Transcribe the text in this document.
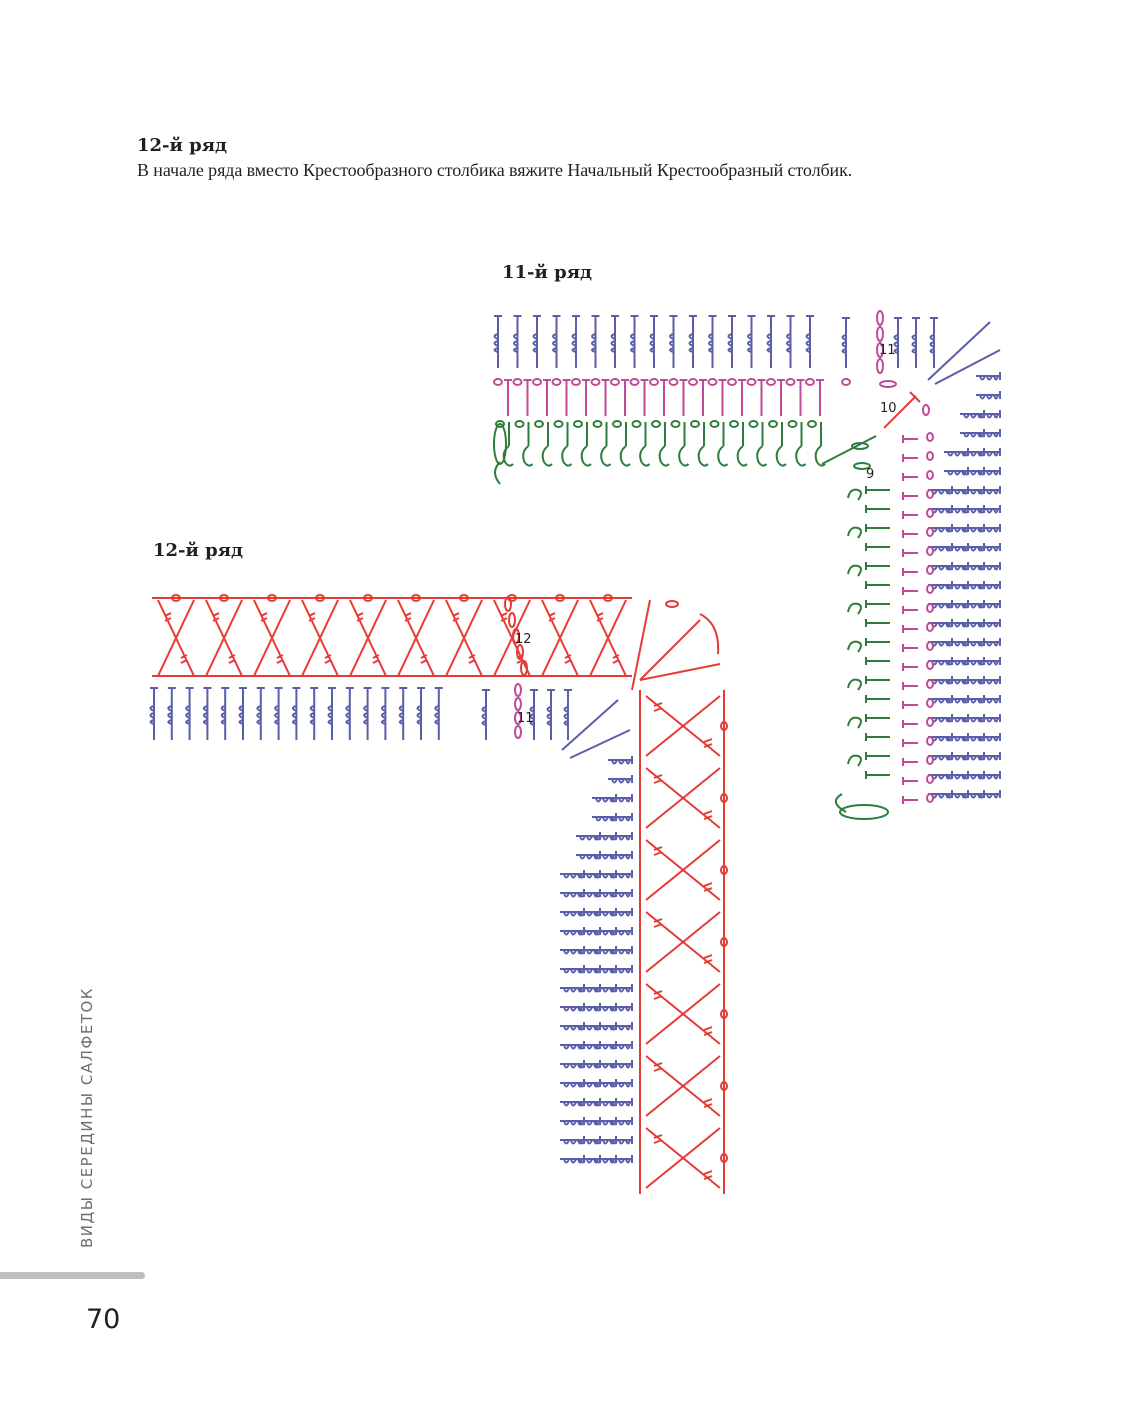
12-й ряд
В начале ряда вместо Крестообразного столбика вяжите Начальный Крестообразный столбик.
11-й ряд
12-й ряд
11
10
9
12
11
ВИДЫ СЕРЕДИНЫ САЛФЕТОК
70
